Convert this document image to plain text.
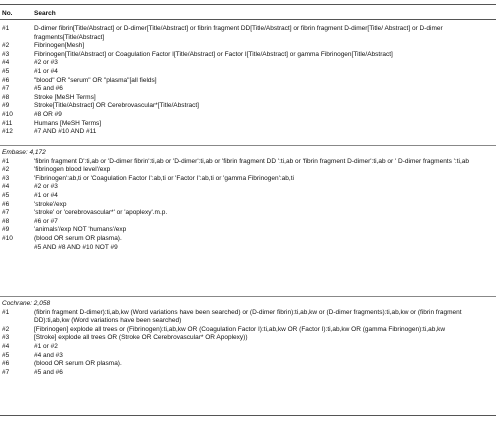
No.	Search
#1	D-dimer fibrin[Title/Abstract] or D-dimer[Title/Abstract] or fibrin fragment DD[Title/Abstract] or fibrin fragment D-dimer[Title/ Abstract] or D-dimer fragments[Title/Abstract]
#2	Fibrinogen[Mesh]
#3	Fibrinogen[Title/Abstract] or Coagulation Factor I[Title/Abstract] or Factor I[Title/Abstract] or gamma Fibrinogen[Title/Abstract]
#4	#2 or #3
#5	#1 or #4
#6	"blood" OR "serum" OR "plasma"[all fields]
#7	#5 and #6
#8	Stroke [MeSH Terms]
#9	Stroke[Title/Abstract] OR Cerebrovascular*[Title/Abstract]
#10	#8 OR #9
#11	Humans [MeSH Terms]
#12	#7 AND #10 AND #11
Embase: 4,172
#1	'fibrin fragment D':ti,ab or 'D-dimer fibrin':ti,ab or 'D-dimer':ti,ab or 'fibrin fragment DD ':ti,ab or 'fibrin fragment D-dimer':ti,ab or ' D-dimer fragments ':ti,ab
#2	'fibrinogen blood level'/exp
#3	'Fibrinogen':ab,ti or 'Coagulation Factor I':ab,ti or 'Factor I':ab,ti or 'gamma Fibrinogen':ab,ti
#4	#2 or #3
#5	#1 or #4
#6	'stroke'/exp
#7	'stroke' or 'cerebrovascular*' or 'apoplexy'.m.p.
#8	#6 or #7
#9	'animals'/exp NOT 'humans'/exp
#10	(blood OR serum OR plasma).
	#5 AND #8 AND #10 NOT #9
Cochrane: 2,058
#1	(fibrin fragment D-dimer):ti,ab,kw (Word variations have been searched) or (D-dimer fibrin):ti,ab,kw or (D-dimer fragments):ti,ab,kw or (fibrin fragment DD):ti,ab,kw (Word variations have been searched)
#2	[Fibrinogen] explode all trees or (Fibrinogen):ti,ab,kw OR (Coagulation Factor I):ti,ab,kw OR (Factor I):ti,ab,kw OR (gamma Fibrinogen):ti,ab,kw
#3	[Stroke] explode all trees OR (Stroke OR Cerebrovascular* OR Apoplexy))
#4	#1 or #2
#5	#4 and #3
#6	(blood OR serum OR plasma).
#7	#5 and #6
